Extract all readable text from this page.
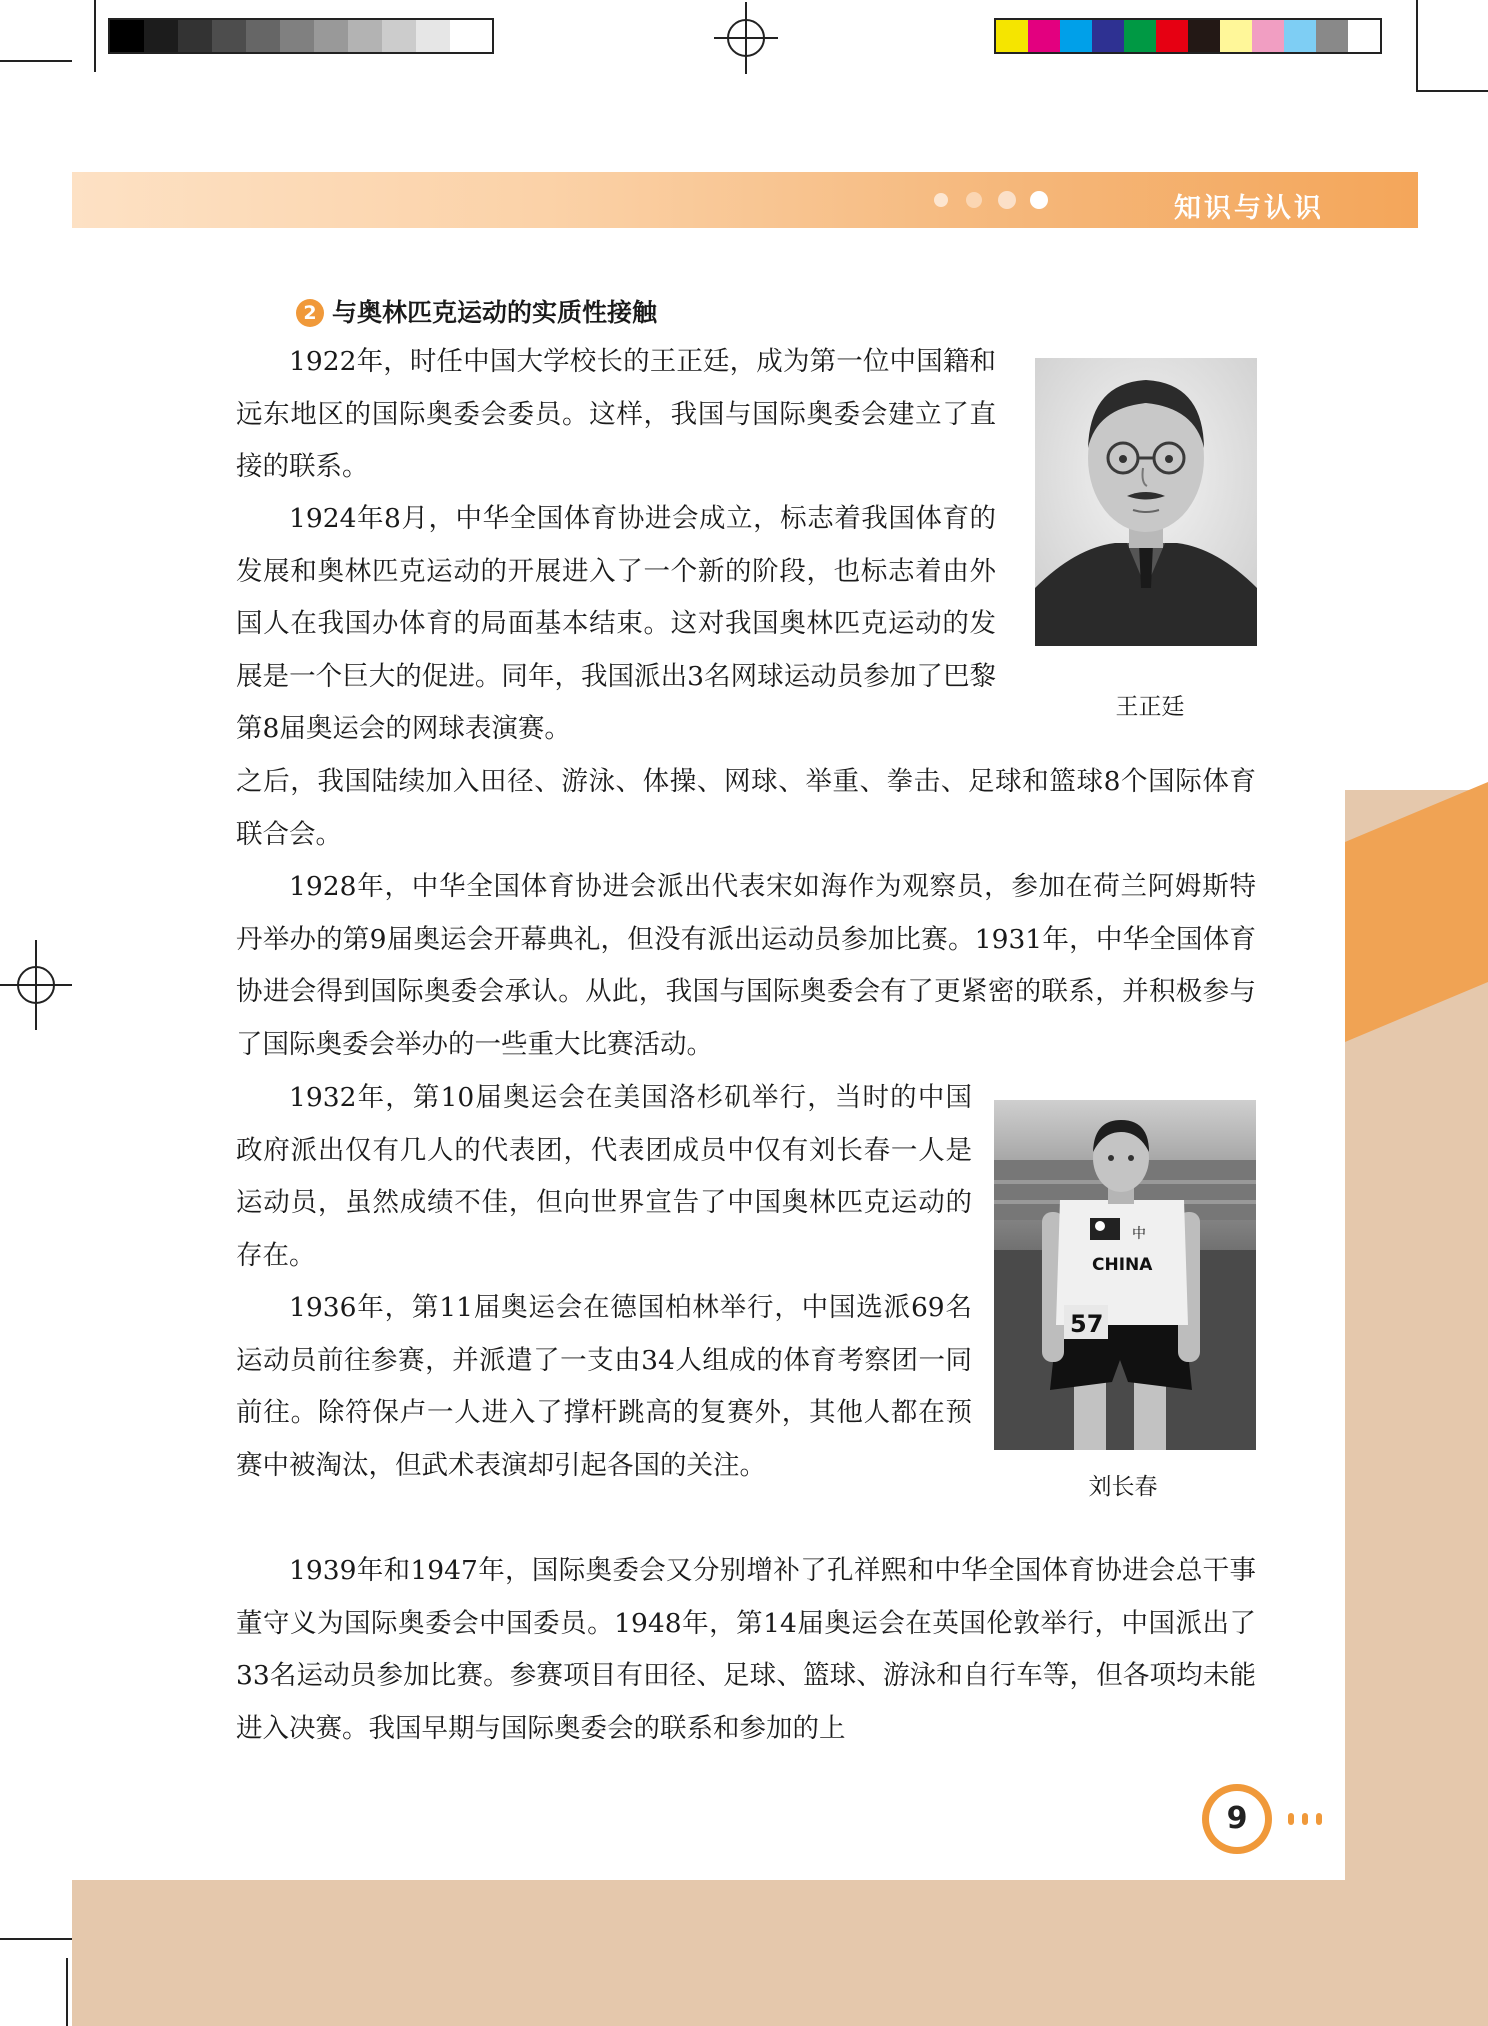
知识与认识
2 与奥林匹克运动的实质性接触

1922年，时任中国大学校长的王正廷，成为第一位中国籍和远东地区的国际奥委会委员。这样，我国与国际奥委会建立了直接的联系。

1924年8月，中华全国体育协进会成立，标志着我国体育的发展和奥林匹克运动的开展进入了一个新的阶段，也标志着由外国人在我国办体育的局面基本结束。这对我国奥林匹克运动的发展是一个巨大的促进。同年，我国派出3名网球运动员参加了巴黎第8届奥运会的网球表演赛。

之后，我国陆续加入田径、游泳、体操、网球、举重、拳击、足球和篮球8个国际体育联合会。

1928年，中华全国体育协进会派出代表宋如海作为观察员，参加在荷兰阿姆斯特丹举办的第9届奥运会开幕典礼，但没有派出运动员参加比赛。1931年，中华全国体育协进会得到国际奥委会承认。从此，我国与国际奥委会有了更紧密的联系，并积极参与了国际奥委会举办的一些重大比赛活动。

1932年，第10届奥运会在美国洛杉矶举行，当时的中国政府派出仅有几人的代表团，代表团成员中仅有刘长春一人是运动员，虽然成绩不佳，但向世界宣告了中国奥林匹克运动的存在。

1936年，第11届奥运会在德国柏林举行，中国选派69名运动员前往参赛，并派遣了一支由34人组成的体育考察团一同前往。除符保卢一人进入了撑杆跳高的复赛外，其他人都在预赛中被淘汰，但武术表演却引起各国的关注。

1939年和1947年，国际奥委会又分别增补了孔祥熙和中华全国体育协进会总干事董守义为国际奥委会中国委员。1948年，第14届奥运会在英国伦敦举行，中国派出了33名运动员参加比赛。参赛项目有田径、足球、篮球、游泳和自行车等，但各项均未能进入决赛。我国早期与国际奥委会的联系和参加的上

王正廷
中
CHINA
57
刘长春
9
